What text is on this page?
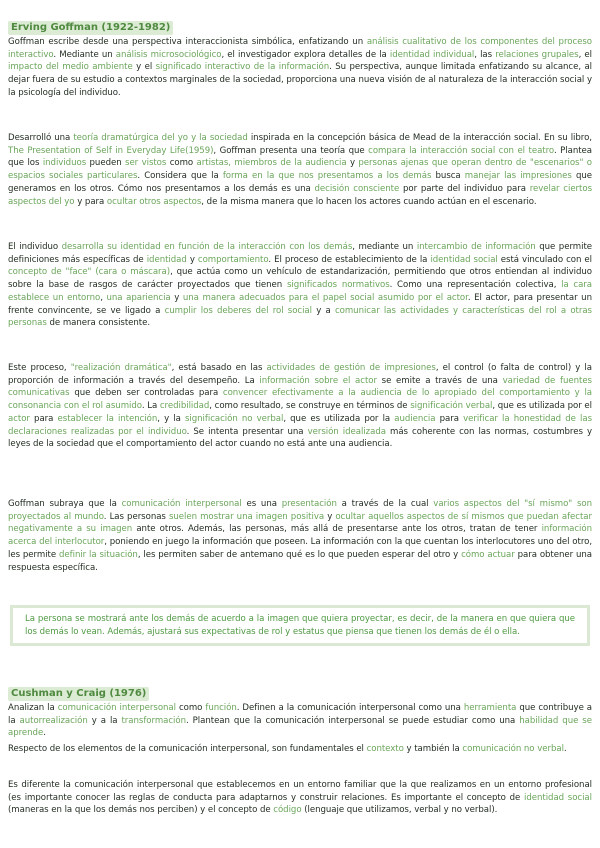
Erving Goffman (1922-1982)

Goffman escribe desde una perspectiva interaccionista simbólica, enfatizando un análisis cualitativo de los componentes del proceso interactivo. Mediante un análisis microsociológico, el investigador explora detalles de la identidad individual, las relaciones grupales, el impacto del medio ambiente y el significado interactivo de la información. Su perspectiva, aunque limitada enfatizando su alcance, al dejar fuera de su estudio a contextos marginales de la sociedad, proporciona una nueva visión de al naturaleza de la interacción social y la psicología del individuo.

Desarrolló una teoría dramatúrgica del yo y la sociedad inspirada en la concepción básica de Mead de la interacción social. En su libro, The Presentation of Self in Everyday Life(1959), Goffman presenta una teoría que compara la interacción social con el teatro. Plantea que los individuos pueden ser vistos como artistas, miembros de la audiencia y personas ajenas que operan dentro de "escenarios" o espacios sociales particulares. Considera que la forma en la que nos presentamos a los demás busca manejar las impresiones que generamos en los otros. Cómo nos presentamos a los demás es una decisión consciente por parte del individuo para revelar ciertos aspectos del yo y para ocultar otros aspectos, de la misma manera que lo hacen los actores cuando actúan en el escenario.

El individuo desarrolla su identidad en función de la interacción con los demás, mediante un intercambio de información que permite definiciones más específicas de identidad y comportamiento. El proceso de establecimiento de la identidad social está vinculado con el concepto de "face" (cara o máscara), que actúa como un vehículo de estandarización, permitiendo que otros entiendan al individuo sobre la base de rasgos de carácter proyectados que tienen significados normativos. Como una representación colectiva, la cara establece un entorno, una apariencia y una manera adecuados para el papel social asumido por el actor. El actor, para presentar un frente convincente, se ve ligado a cumplir los deberes del rol social y a comunicar las actividades y características del rol a otras personas de manera consistente.

Este proceso, "realización dramática", está basado en las actividades de gestión de impresiones, el control (o falta de control) y la proporción de información a través del desempeño. La información sobre el actor se emite a través de una variedad de fuentes comunicativas que deben ser controladas para convencer efectivamente a la audiencia de lo apropiado del comportamiento y la consonancia con el rol asumido. La credibilidad, como resultado, se construye en términos de significación verbal, que es utilizada por el actor para establecer la intención, y la significación no verbal, que es utilizada por la audiencia para verificar la honestidad de las declaraciones realizadas por el individuo. Se intenta presentar una versión idealizada más coherente con las normas, costumbres y leyes de la sociedad que el comportamiento del actor cuando no está ante una audiencia.

Goffman subraya que la comunicación interpersonal es una presentación a través de la cual varios aspectos del "sí mismo" son proyectados al mundo. Las personas suelen mostrar una imagen positiva y ocultar aquellos aspectos de sí mismos que puedan afectar negativamente a su imagen ante otros. Además, las personas, más allá de presentarse ante los otros, tratan de tener información acerca del interlocutor, poniendo en juego la información que poseen. La información con la que cuentan los interlocutores uno del otro, les permite definir la situación, les permiten saber de antemano qué es lo que pueden esperar del otro y cómo actuar para obtener una respuesta específica.

La persona se mostrará ante los demás de acuerdo a la imagen que quiera proyectar, es decir, de la manera en que quiera que los demás lo vean. Además, ajustará sus expectativas de rol y estatus que piensa que tienen los demás de él o ella.

Cushman y Craig (1976)

Analizan la comunicación interpersonal como función. Definen a la comunicación interpersonal como una herramienta que contribuye a la autorrealización y a la transformación. Plantean que la comunicación interpersonal se puede estudiar como una habilidad que se aprende.

Respecto de los elementos de la comunicación interpersonal, son fundamentales el contexto y también la comunicación no verbal.

Es diferente la comunicación interpersonal que establecemos en un entorno familiar que la que realizamos en un entorno profesional (es importante conocer las reglas de conducta para adaptarnos y construir relaciones. Es importante el concepto de identidad social (maneras en la que los demás nos perciben) y el concepto de código (lenguaje que utilizamos, verbal y no verbal).
